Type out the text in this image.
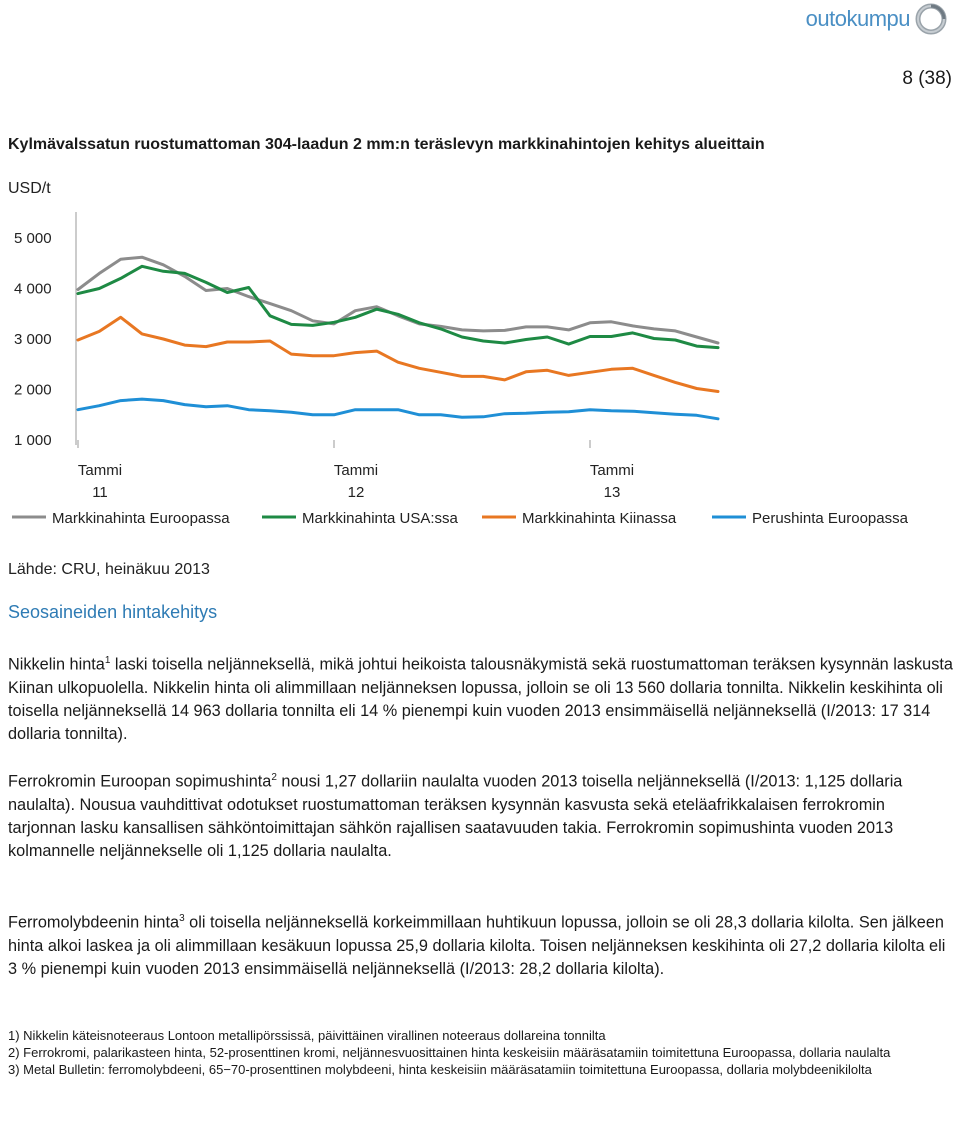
outokumpu
8 (38)
Kylmävalssatun ruostumattoman 304-laadun 2 mm:n teräslevyn markkinahintojen kehitys alueittain
USD/t
1 000
2 000
3 000
4 000
5 000
Tammi
11
Tammi
12
Tammi
13
Markkinahinta Euroopassa	Markkinahinta USA:ssa	Markkinahinta Kiinassa	Perushinta Euroopassa
Lähde: CRU, heinäkuu 2013
Seosaineiden hintakehitys

Nikkelin hinta$^1$ laski toisella neljänneksellä, mikä johtui heikoista talousnäkymistä sekä ruostumattoman teräksen kysynnän laskusta Kiinan ulkopuolella. Nikkelin hinta oli alimmillaan neljänneksen lopussa, jolloin se oli 13 560 dollaria tonnilta. Nikkelin keskihinta oli toisella neljänneksellä 14 963 dollaria tonnilta eli 14 % pienempi kuin vuoden 2013 ensimmäisellä neljänneksellä (I/2013: 17 314 dollaria tonnilta).

Ferrokromin Euroopan sopimushinta$^2$ nousi 1,27 dollariin naulalta vuoden 2013 toisella neljänneksellä (I/2013: 1,125 dollaria naulalta). Nousua vauhdittivat odotukset ruostumattoman teräksen kysynnän kasvusta sekä eteläafrikkalaisen ferrokromin tarjonnan lasku kansallisen sähköntoimittajan sähkön rajallisen saatavuuden takia. Ferrokromin sopimushinta vuoden 2013 kolmannelle neljännekselle oli 1,125 dollaria naulalta.

Ferromolybdeenin hinta$^3$ oli toisella neljänneksellä korkeimmillaan huhtikuun lopussa, jolloin se oli 28,3 dollaria kilolta. Sen jälkeen hinta alkoi laskea ja oli alimmillaan kesäkuun lopussa 25,9 dollaria kilolta. Toisen neljänneksen keskihinta oli 27,2 dollaria kilolta eli 3 % pienempi kuin vuoden 2013 ensimmäisellä neljänneksellä (I/2013: 28,2 dollaria kilolta).

1) Nikkelin käteisnoteeraus Lontoon metallipörssissä, päivittäinen virallinen noteeraus dollareina tonnilta
2) Ferrokromi, palarikasteen hinta, 52-prosenttinen kromi, neljännesvuosittainen hinta keskeisiin määräsatamiin toimitettuna Euroopassa, dollaria naulalta
3) Metal Bulletin: ferromolybdeeni, 65−70-prosenttinen molybdeeni, hinta keskeisiin määräsatamiin toimitettuna Euroopassa, dollaria molybdeenikilolta
